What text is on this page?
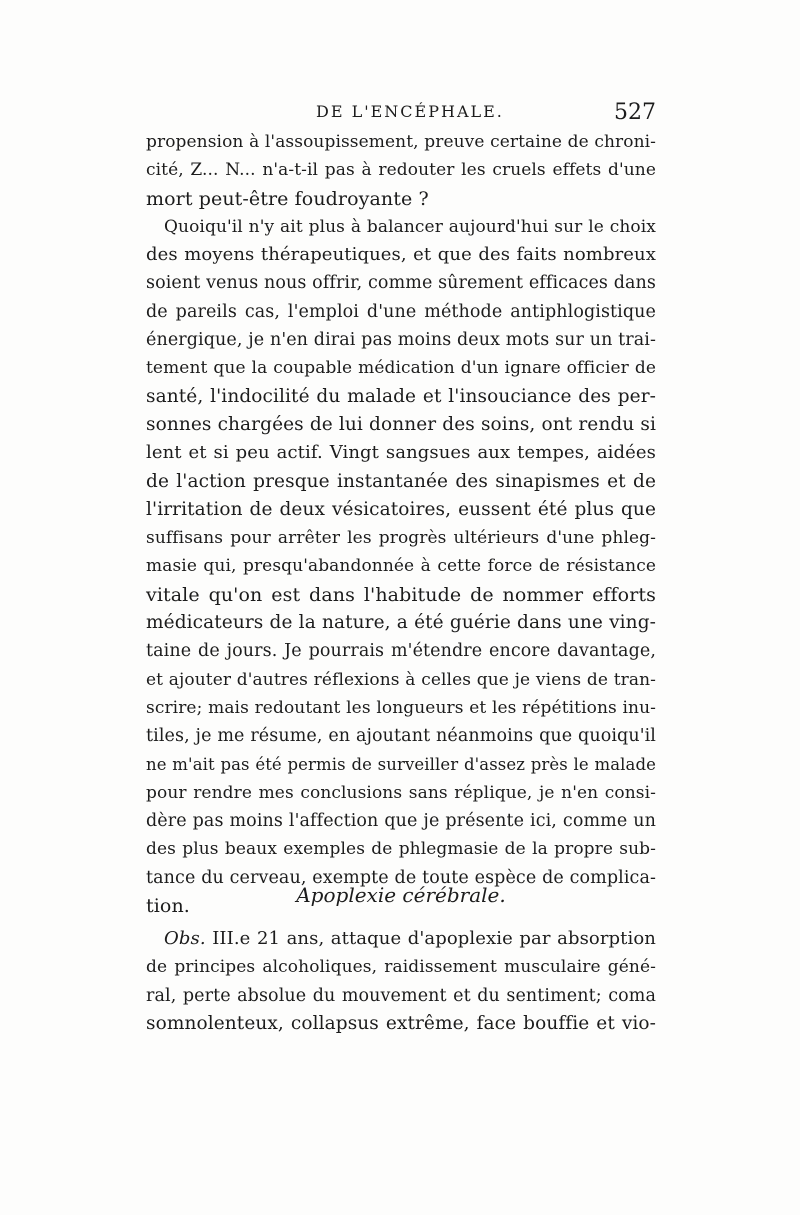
DE L'ENCÉPHALE.	527
propension à l'assoupissement, preuve certaine de chroni-
cité, Z... N... n'a-t-il pas à redouter les cruels effets d'une
mort peut-être foudroyante ?
Quoiqu'il n'y ait plus à balancer aujourd'hui sur le choix
des moyens thérapeutiques, et que des faits nombreux
soient venus nous offrir, comme sûrement efficaces dans
de pareils cas, l'emploi d'une méthode antiphlogistique
énergique, je n'en dirai pas moins deux mots sur un trai-
tement que la coupable médication d'un ignare officier de
santé, l'indocilité du malade et l'insouciance des per-
sonnes chargées de lui donner des soins, ont rendu si
lent et si peu actif. Vingt sangsues aux tempes, aidées
de l'action presque instantanée des sinapismes et de
l'irritation de deux vésicatoires, eussent été plus que
suffisans pour arrêter les progrès ultérieurs d'une phleg-
masie qui, presqu'abandonnée à cette force de résistance
vitale qu'on est dans l'habitude de nommer efforts
médicateurs de la nature, a été guérie dans une ving-
taine de jours. Je pourrais m'étendre encore davantage,
et ajouter d'autres réflexions à celles que je viens de tran-
scrire; mais redoutant les longueurs et les répétitions inu-
tiles, je me résume, en ajoutant néanmoins que quoiqu'il
ne m'ait pas été permis de surveiller d'assez près le malade
pour rendre mes conclusions sans réplique, je n'en consi-
dère pas moins l'affection que je présente ici, comme un
des plus beaux exemples de phlegmasie de la propre sub-
tance du cerveau, exempte de toute espèce de complica-
tion.	Apoplexie cérébrale.
Obs. III.e 21 ans, attaque d'apoplexie par absorption
de principes alcoholiques, raidissement musculaire géné-
ral, perte absolue du mouvement et du sentiment; coma
somnolenteux, collapsus extrême, face bouffie et vio-
